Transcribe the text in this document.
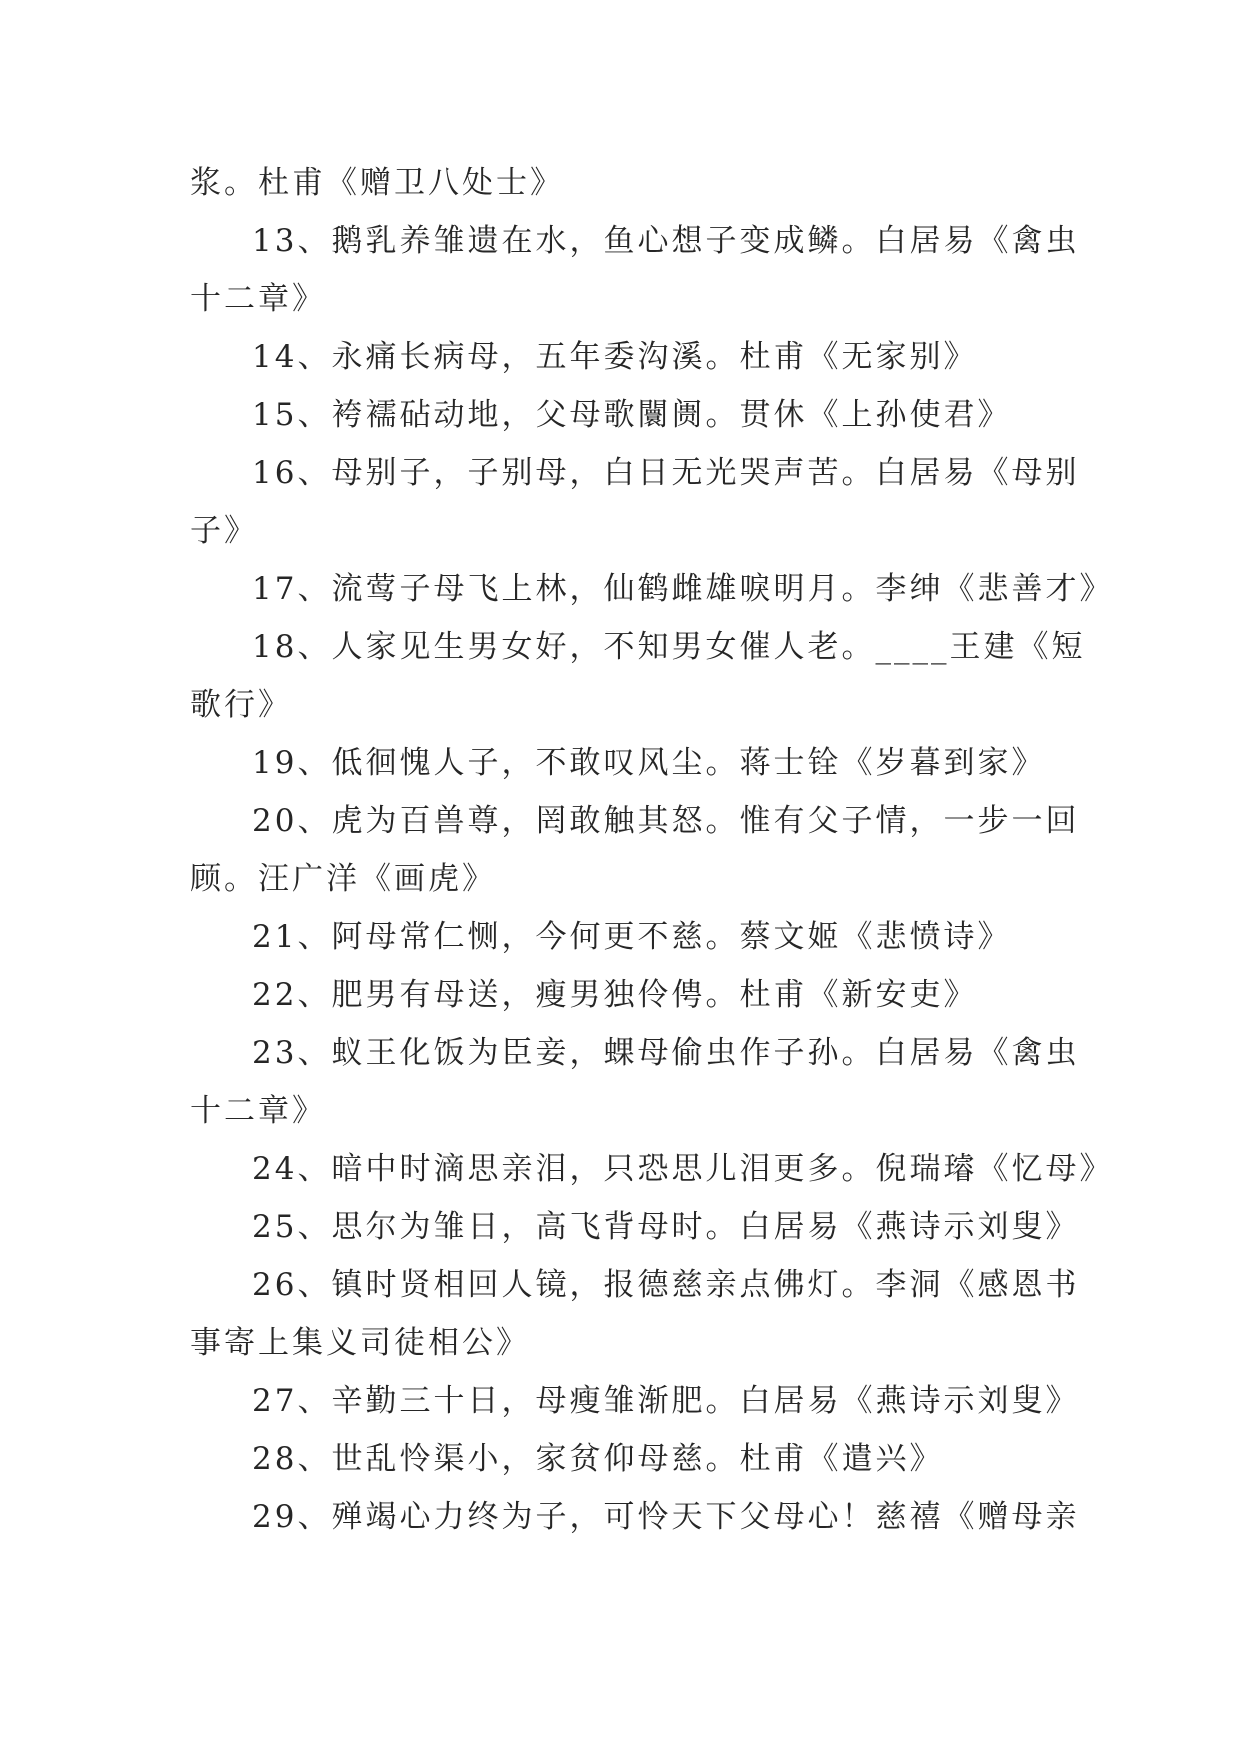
浆。杜甫《赠卫八处士》
13、鹅乳养雏遗在水，鱼心想子变成鳞。白居易《禽虫
十二章》
14、永痛长病母，五年委沟溪。杜甫《无家别》
15、袴襦砧动地，父母歌闤阓。贯休《上孙使君》
16、母别子，子别母，白日无光哭声苦。白居易《母别
子》
17、流莺子母飞上林，仙鹤雌雄唳明月。李绅《悲善才》
18、人家见生男女好，不知男女催人老。____王建《短
歌行》
19、低徊愧人子，不敢叹风尘。蒋士铨《岁暮到家》
20、虎为百兽尊，罔敢触其怒。惟有父子情，一步一回
顾。汪广洋《画虎》
21、阿母常仁恻，今何更不慈。蔡文姬《悲愤诗》
22、肥男有母送，瘦男独伶俜。杜甫《新安吏》
23、蚁王化饭为臣妾，蜾母偷虫作子孙。白居易《禽虫
十二章》
24、暗中时滴思亲泪，只恐思儿泪更多。倪瑞璿《忆母》
25、思尔为雏日，高飞背母时。白居易《燕诗示刘叟》
26、镇时贤相回人镜，报德慈亲点佛灯。李洞《感恩书
事寄上集义司徒相公》
27、辛勤三十日，母瘦雏渐肥。白居易《燕诗示刘叟》
28、世乱怜渠小，家贫仰母慈。杜甫《遣兴》
29、殚竭心力终为子，可怜天下父母心！慈禧《赠母亲
